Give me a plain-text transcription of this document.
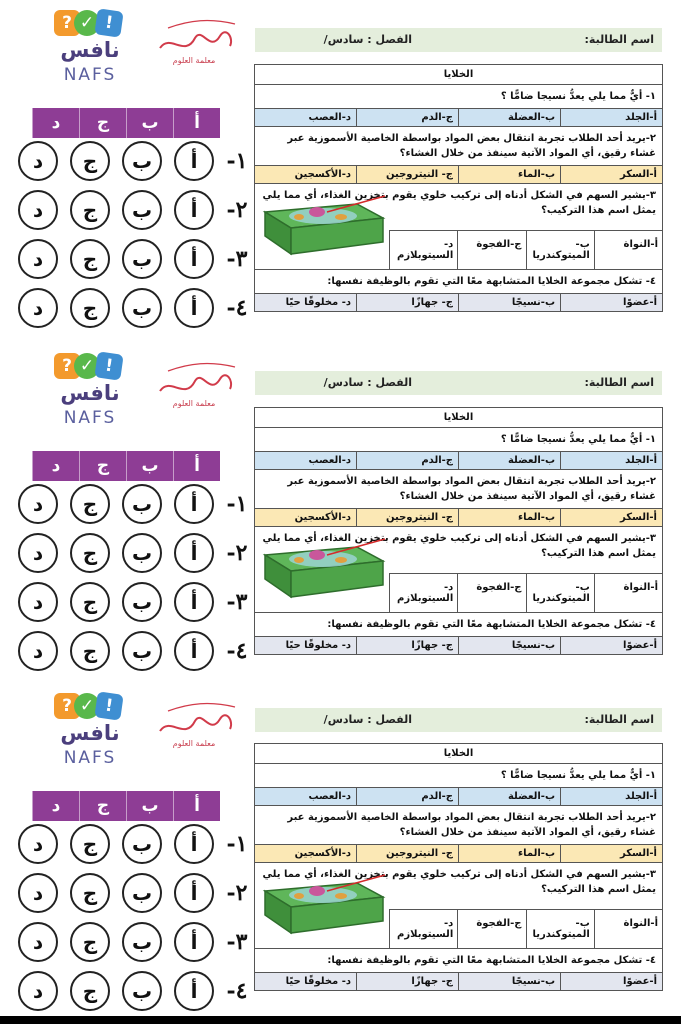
? ✓ !
نافس
NAFS
معلمة العلوم
أ
ب
ج
د
١-
أ
ب
ج
د
٢-
أ
ب
ج
د
٣-
أ
ب
ج
د
٤-
أ
ب
ج
د
اسم الطالبة:
الفصل : سادس/
الخلايا
١- أيٌّ مما يلي يعدُّ نسيجا ضامًّا ؟
أ-الجلد
ب-العضلة
ج-الدم
د-العصب
٢-يريد أحد الطلاب تجربة انتقال بعض المواد بواسطة الخاصية الأسموزية عبر غشاء رقيق، أي المواد الآتية سينفذ من خلال الغشاء؟
أ-السكر
ب-الماء
ج- النيتروجين
د-الأكسجين
٣-يشير السهم في الشكل أدناه إلى تركيب خلوي يقوم بتخزين الغذاء، أي مما يلي يمثل اسم هذا التركيب؟
أ-النواة
ب-الميتوكندريا
ج-الفجوة
د-السيتوبلازم
٤- تشكل مجموعة الخلايا المتشابهة معًا التي تقوم بالوظيفة نفسها:
أ-عضوًا
ب-نسيجًا
ج- جهازًا
د- مخلوقًا حيًا
? ✓ !
نافس
NAFS
معلمة العلوم
أ
ب
ج
د
١-
أ
ب
ج
د
٢-
أ
ب
ج
د
٣-
أ
ب
ج
د
٤-
أ
ب
ج
د
اسم الطالبة:
الفصل : سادس/
الخلايا
١- أيٌّ مما يلي يعدُّ نسيجا ضامًّا ؟
أ-الجلد
ب-العضلة
ج-الدم
د-العصب
٢-يريد أحد الطلاب تجربة انتقال بعض المواد بواسطة الخاصية الأسموزية عبر غشاء رقيق، أي المواد الآتية سينفذ من خلال الغشاء؟
أ-السكر
ب-الماء
ج- النيتروجين
د-الأكسجين
٣-يشير السهم في الشكل أدناه إلى تركيب خلوي يقوم بتخزين الغذاء، أي مما يلي يمثل اسم هذا التركيب؟
أ-النواة
ب-الميتوكندريا
ج-الفجوة
د-السيتوبلازم
٤- تشكل مجموعة الخلايا المتشابهة معًا التي تقوم بالوظيفة نفسها:
أ-عضوًا
ب-نسيجًا
ج- جهازًا
د- مخلوقًا حيًا
? ✓ !
نافس
NAFS
معلمة العلوم
أ
ب
ج
د
١-
أ
ب
ج
د
٢-
أ
ب
ج
د
٣-
أ
ب
ج
د
٤-
أ
ب
ج
د
اسم الطالبة:
الفصل : سادس/
الخلايا
١- أيٌّ مما يلي يعدُّ نسيجا ضامًّا ؟
أ-الجلد
ب-العضلة
ج-الدم
د-العصب
٢-يريد أحد الطلاب تجربة انتقال بعض المواد بواسطة الخاصية الأسموزية عبر غشاء رقيق، أي المواد الآتية سينفذ من خلال الغشاء؟
أ-السكر
ب-الماء
ج- النيتروجين
د-الأكسجين
٣-يشير السهم في الشكل أدناه إلى تركيب خلوي يقوم بتخزين الغذاء، أي مما يلي يمثل اسم هذا التركيب؟
أ-النواة
ب-الميتوكندريا
ج-الفجوة
د-السيتوبلازم
٤- تشكل مجموعة الخلايا المتشابهة معًا التي تقوم بالوظيفة نفسها:
أ-عضوًا
ب-نسيجًا
ج- جهازًا
د- مخلوقًا حيًا
